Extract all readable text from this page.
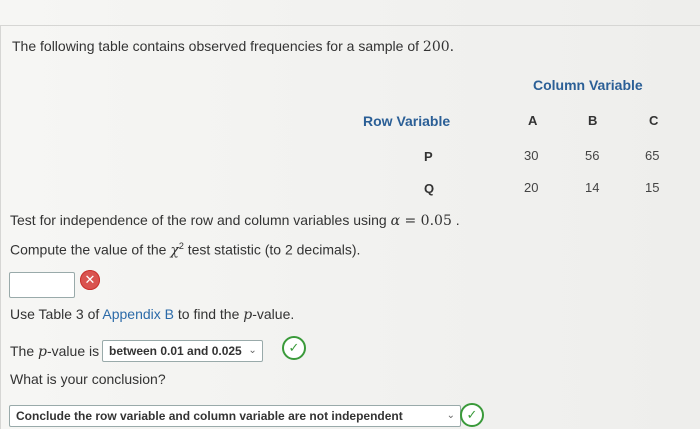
The following table contains observed frequencies for a sample of 200.
Column Variable
Row Variable	A	B	C
P	30	56	65
Q	20	14	15
Test for independence of the row and column variables using α = 0.05 .
Compute the value of the $\chi^2$ test statistic (to 2 decimals).
✕
Use Table 3 of Appendix B to find the p-value.
The p-value is between 0.01 and 0.025 ⌄	✓
What is your conclusion?
Conclude the row variable and column variable are not independent	⌄ ✓
